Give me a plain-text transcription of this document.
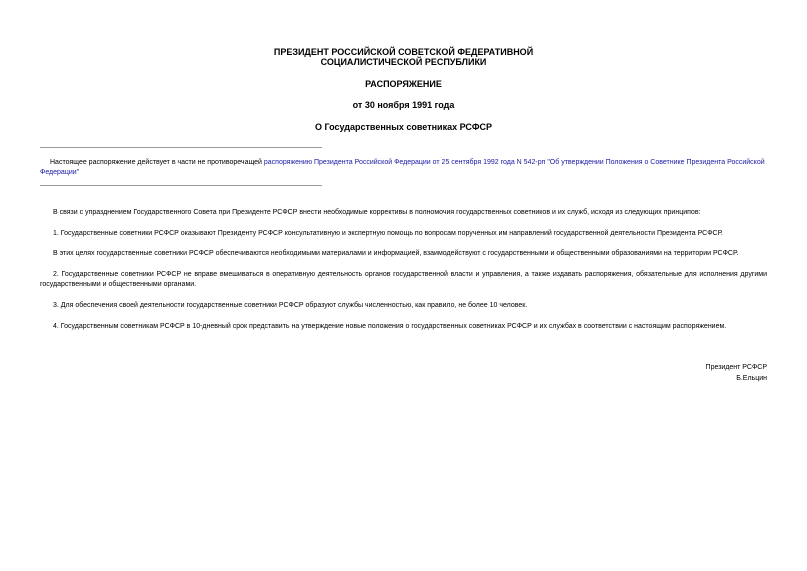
ПРЕЗИДЕНТ РОССИЙСКОЙ СОВЕТСКОЙ ФЕДЕРАТИВНОЙ
СОЦИАЛИСТИЧЕСКОЙ РЕСПУБЛИКИ
РАСПОРЯЖЕНИЕ
от 30 ноября 1991 года
О Государственных советниках РСФСР

Настоящее распоряжение действует в части не противоречащей распоряжению Президента Российской Федерации от 25 сентября 1992 года N 542-рп "Об утверждении Положения о Советнике Президента Российской Федерации"

В связи с упразднением Государственного Совета при Президенте РСФСР внести необходимые коррективы в полномочия государственных советников и их служб, исходя из следующих принципов:

1. Государственные советники РСФСР оказывают Президенту РСФСР консультативную и экспертную помощь по вопросам порученных им направлений государственной деятельности Президента РСФСР.

В этих целях государственные советники РСФСР обеспечиваются необходимыми материалами и информацией, взаимодействуют с государственными и общественными образованиями на территории РСФСР.

2. Государственные советники РСФСР не вправе вмешиваться в оперативную деятельность органов государственной власти и управления, а также издавать распоряжения, обязательные для исполнения другими государственными и общественными органами.

3. Для обеспечения своей деятельности государственные советники РСФСР образуют службы численностью, как правило, не более 10 человек.

4. Государственным советникам РСФСР в 10-дневный срок представить на утверждение новые положения о государственных советниках РСФСР и их службах в соответствии с настоящим распоряжением.

Президент РСФСР
Б.Ельцин
